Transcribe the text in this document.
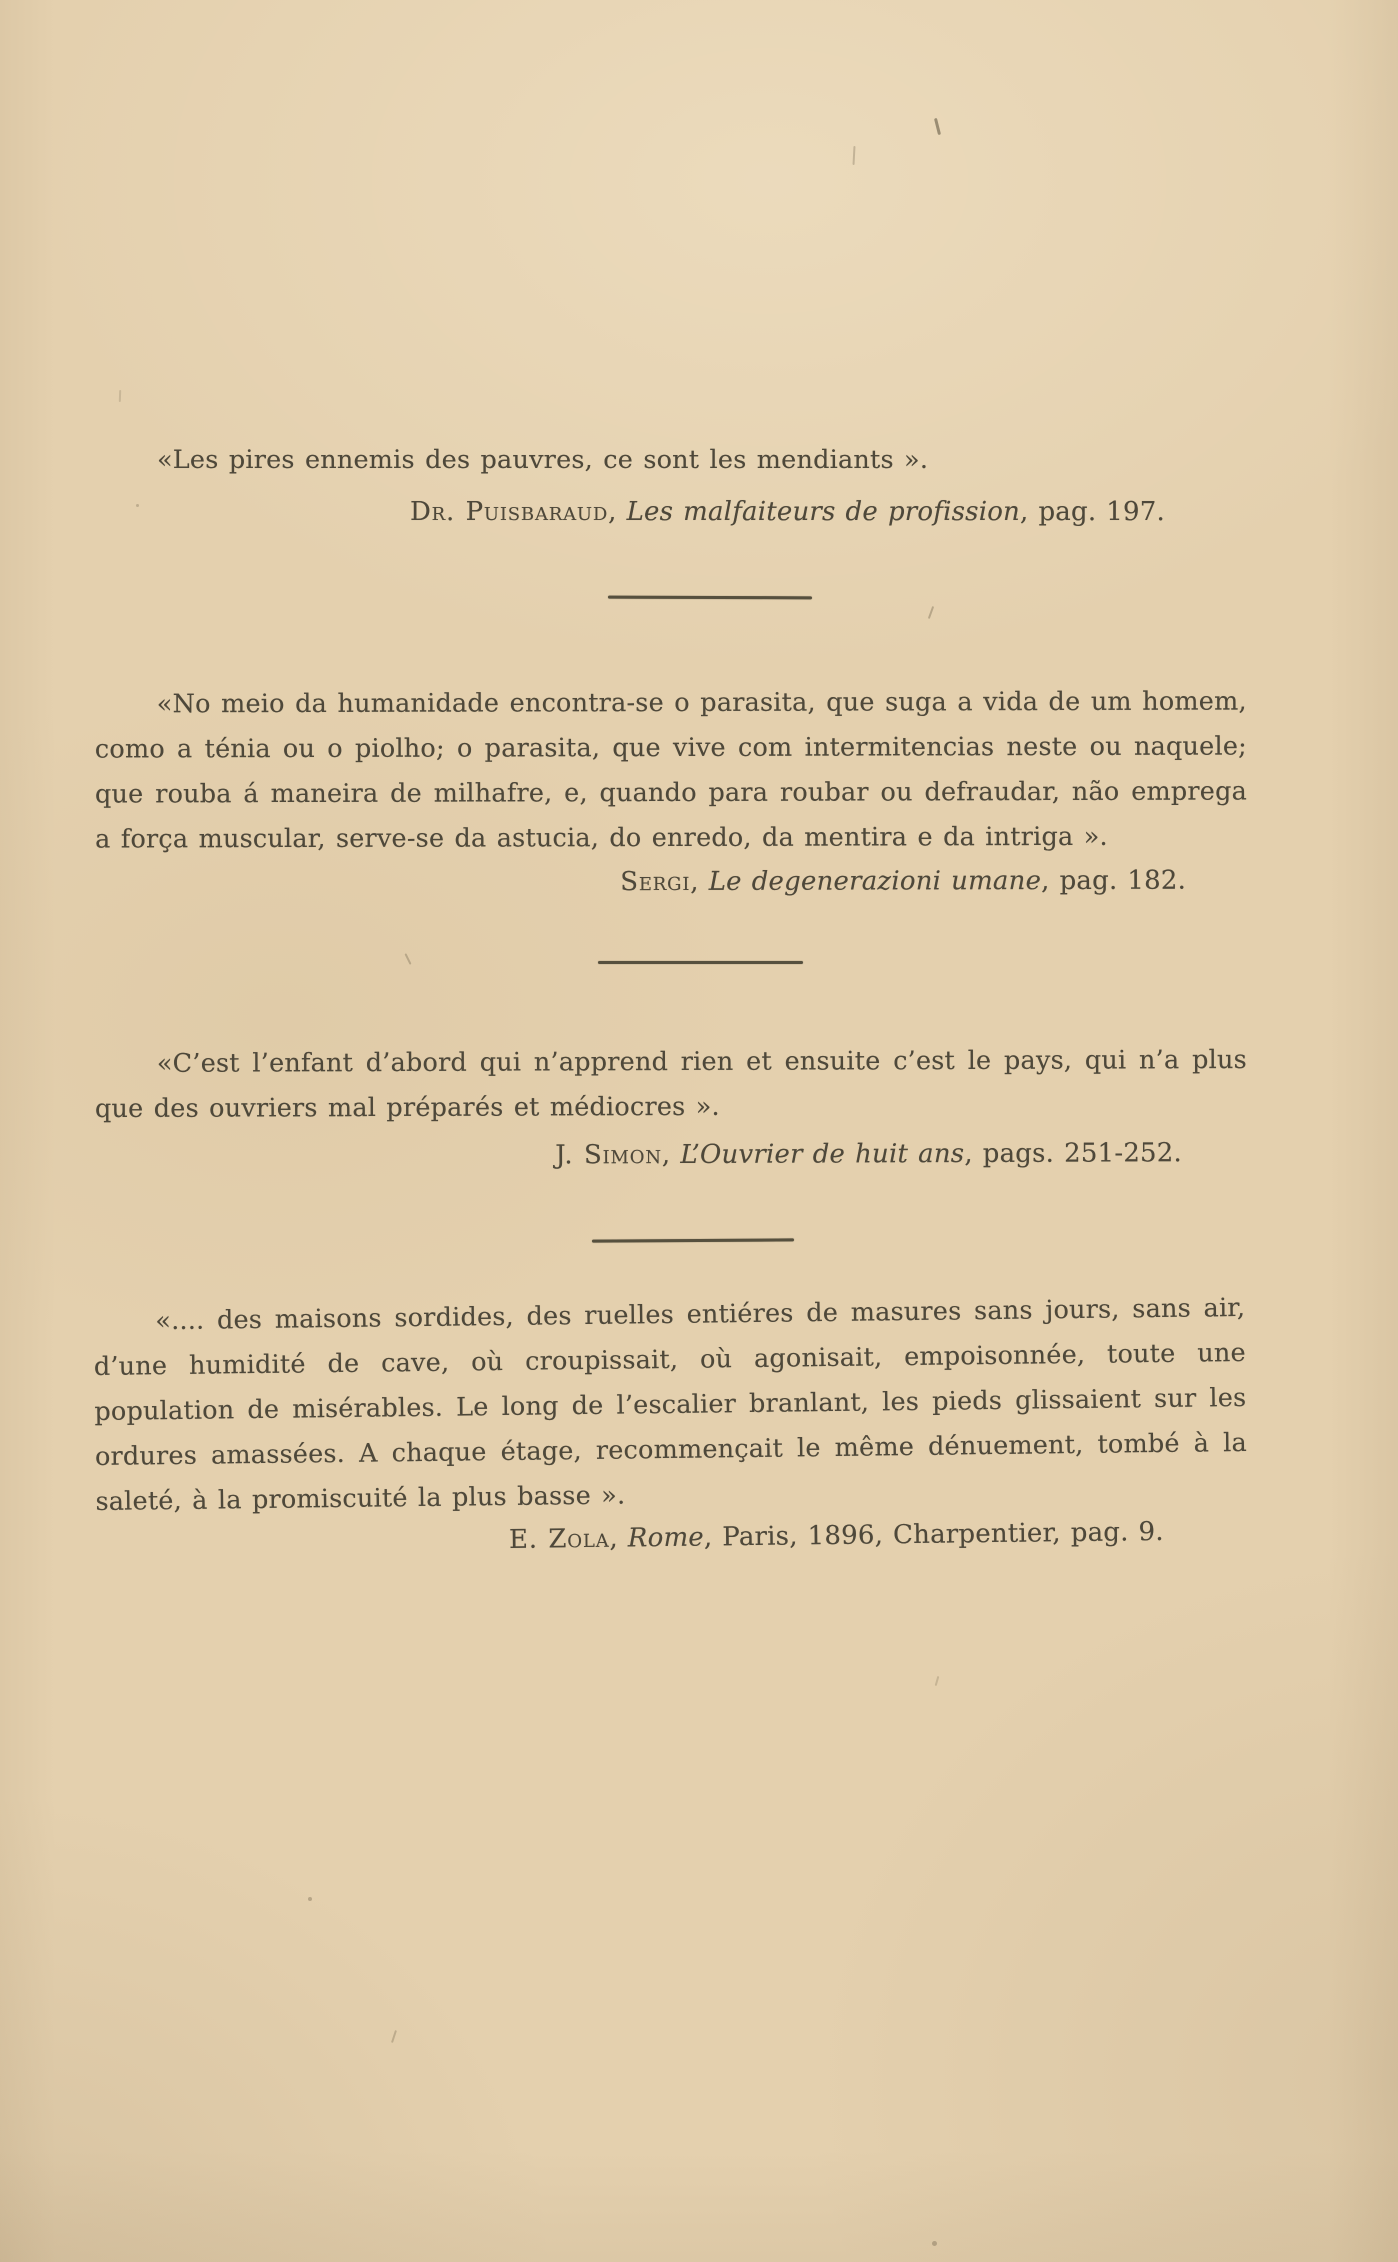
«Les pires ennemis des pauvres, ce sont les mendiants ».

Dr. Puisbaraud, Les malfaiteurs de profission, pag. 197.

«No meio da humanidade encontra-se o parasita, que suga a vida de um homem, como a ténia ou o piolho; o parasita, que vive com intermitencias neste ou naquele; que rouba á maneira de milhafre, e, quando para roubar ou defraudar, não emprega a força muscular, serve-se da astucia, do enredo, da mentira e da intriga ».

Sergi, Le degenerazioni umane, pag. 182.

«C’est l’enfant d’abord qui n’apprend rien et ensuite c’est le pays, qui n’a plus que des ouvriers mal préparés et médiocres ».

J. Simon, L’Ouvrier de huit ans, pags. 251-252.

«.... des maisons sordides, des ruelles entiéres de masures sans jours, sans air, d’une humidité de cave, où croupissait, où agonisait, empoisonnée, toute une population de misérables. Le long de l’escalier branlant, les pieds glissaient sur les ordures amassées. A chaque étage, recommençait le même dénuement, tombé à la saleté, à la promiscuité la plus basse ».

E. Zola, Rome, Paris, 1896, Charpentier, pag. 9.
